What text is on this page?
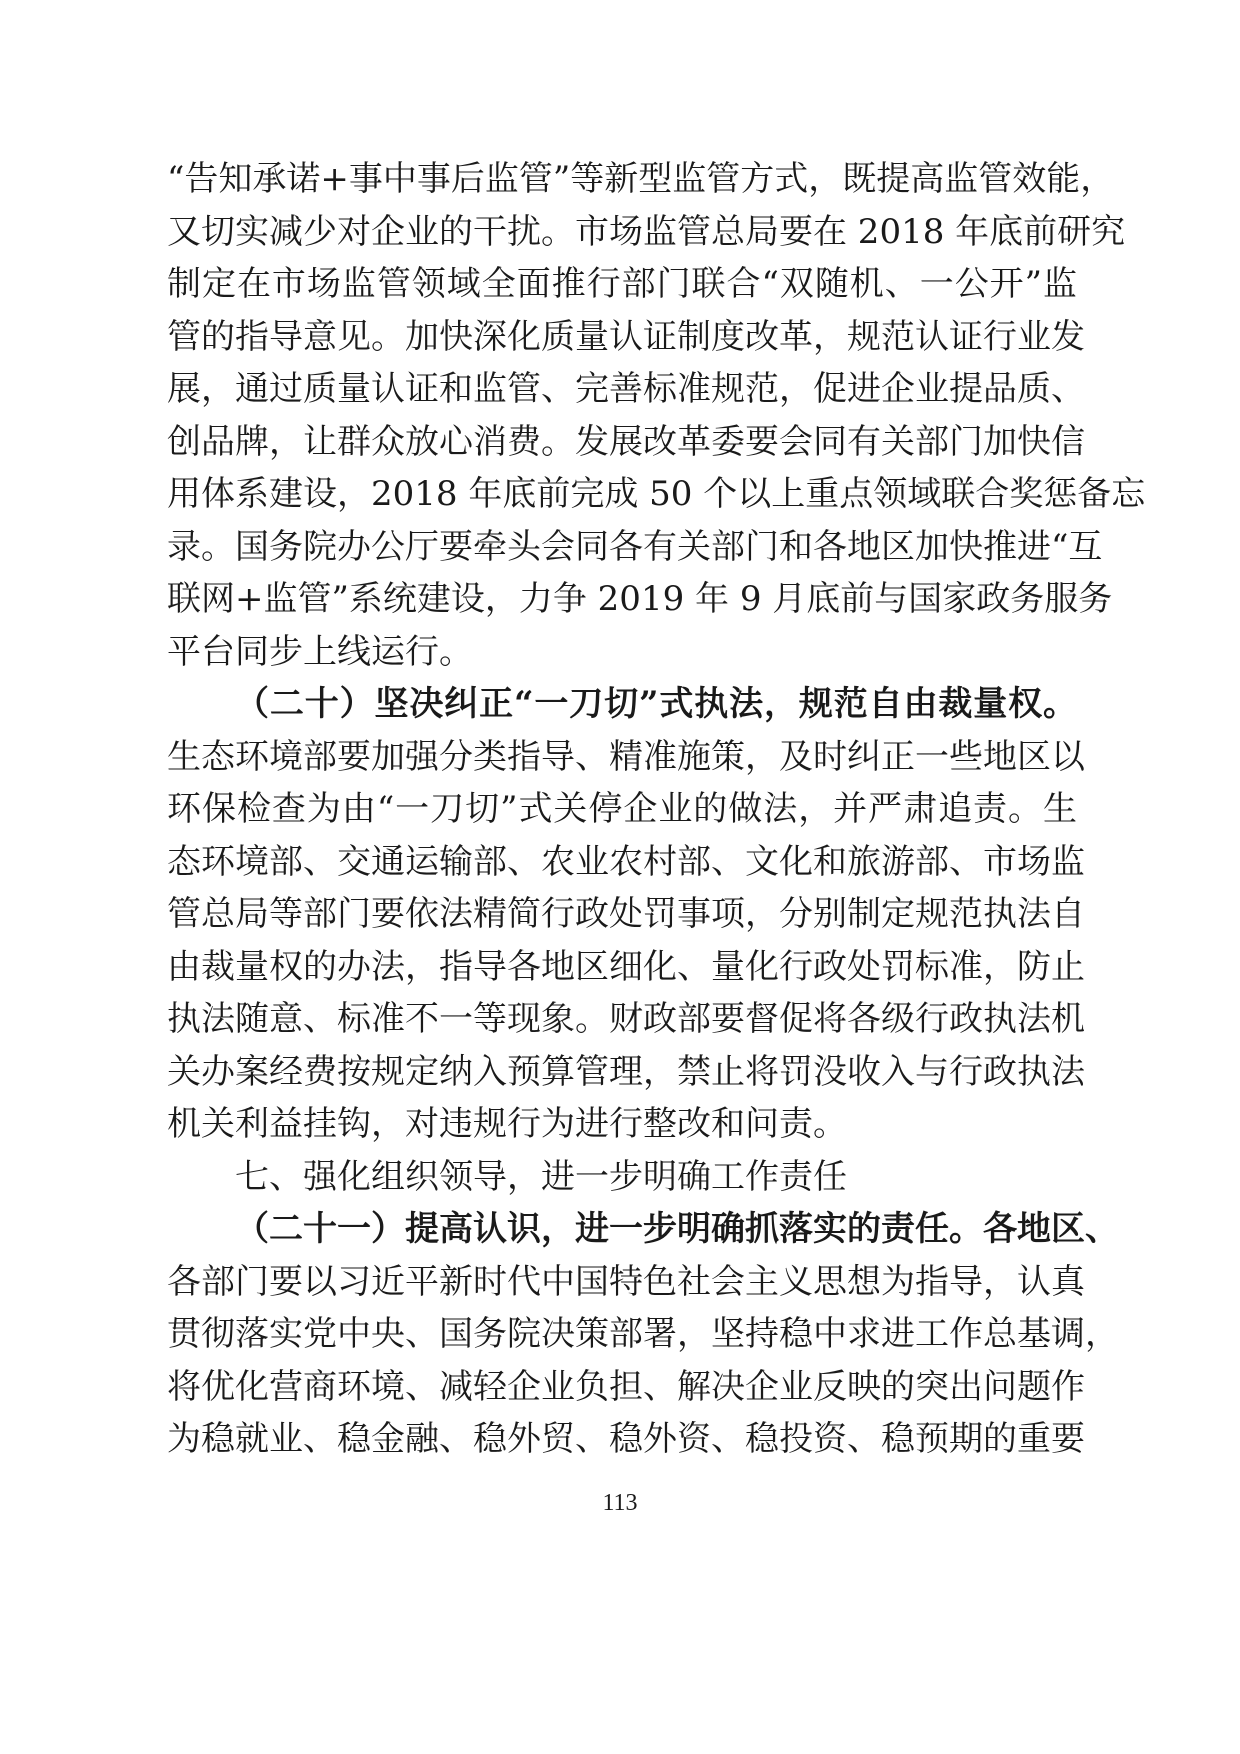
“告知承诺+事中事后监管”等新型监管方式，既提高监管效能，
又切实减少对企业的干扰。市场监管总局要在 2018 年底前研究
制定在市场监管领域全面推行部门联合“双随机、一公开”监
管的指导意见。加快深化质量认证制度改革，规范认证行业发
展，通过质量认证和监管、完善标准规范，促进企业提品质、
创品牌，让群众放心消费。发展改革委要会同有关部门加快信
用体系建设，2018 年底前完成 50 个以上重点领域联合奖惩备忘
录。国务院办公厅要牵头会同各有关部门和各地区加快推进“互
联网+监管”系统建设，力争 2019 年 9 月底前与国家政务服务
平台同步上线运行。
（二十）坚决纠正“一刀切”式执法，规范自由裁量权。
生态环境部要加强分类指导、精准施策，及时纠正一些地区以
环保检查为由“一刀切”式关停企业的做法，并严肃追责。生
态环境部、交通运输部、农业农村部、文化和旅游部、市场监
管总局等部门要依法精简行政处罚事项，分别制定规范执法自
由裁量权的办法，指导各地区细化、量化行政处罚标准，防止
执法随意、标准不一等现象。财政部要督促将各级行政执法机
关办案经费按规定纳入预算管理，禁止将罚没收入与行政执法
机关利益挂钩，对违规行为进行整改和问责。
七、强化组织领导，进一步明确工作责任
（二十一）提高认识，进一步明确抓落实的责任。各地区、
各部门要以习近平新时代中国特色社会主义思想为指导，认真
贯彻落实党中央、国务院决策部署，坚持稳中求进工作总基调，
将优化营商环境、减轻企业负担、解决企业反映的突出问题作
113
为稳就业、稳金融、稳外贸、稳外资、稳投资、稳预期的重要
